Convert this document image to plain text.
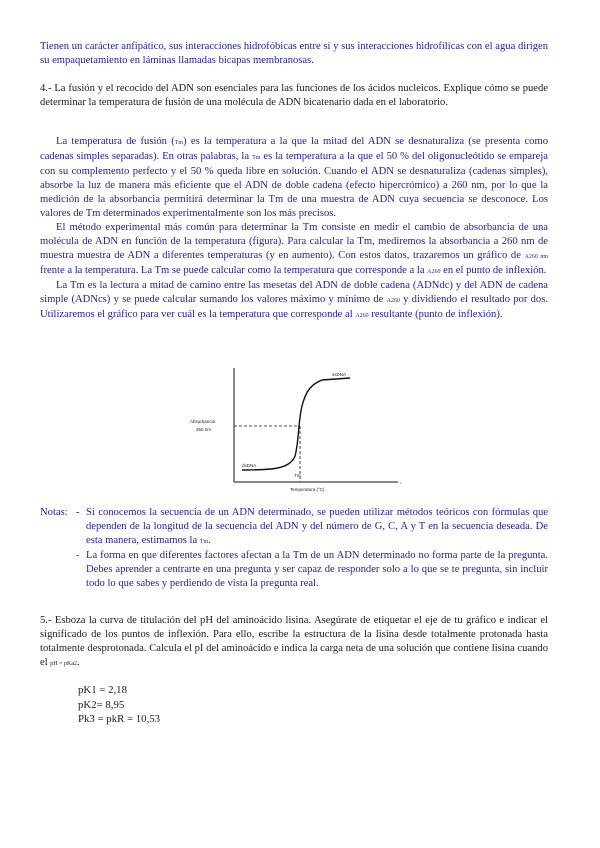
Tienen un carácter anfipático, sus interacciones hidrofóbicas entre sí y sus interacciones hidrofílicas con el agua dirigen su empaquetamiento en láminas llamadas bicapas membranosas.

4.- La fusión y el recocido del ADN son esenciales para las funciones de los ácidos nucleicos. Explique cómo se puede determinar la temperatura de fusión de una molécula de ADN bicatenario dada en el laboratorio.

La temperatura de fusión (Tm) es la temperatura a la que la mitad del ADN se desnaturaliza (se presenta como cadenas simples separadas). En otras palabras, la Tm es la temperatura a la que el 50 % del oligonucleótido se empareja con su complemento perfecto y el 50 % queda libre en solución. Cuando el ADN se desnaturaliza (cadenas simples), absorbe la luz de manera más eficiente que el ADN de doble cadena (efecto hipercrómico) a 260 nm, por lo que la medición de la absorbancia permitirá determinar la Tm de una muestra de ADN cuya secuencia se desconoce. Los valores de Tm determinados experimentalmente son los más precisos.

El método experimental más común para determinar la Tm consiste en medir el cambio de absorbancia de una molécula de ADN en función de la temperatura (figura). Para calcular la Tm, mediremos la absorbancia a 260 nm de muestra muestra de ADN a diferentes temperaturas (y en aumento). Con estos datos, trazaremos un gráfico de A260 nm frente a la temperatura. La Tm se puede calcular como la temperatura que corresponde a la A260 en el punto de inflexión.

La Tm es la lectura a mitad de camino entre las mesetas del ADN de doble cadena (ADNdc) y del ADN de cadena simple (ADNcs) y se puede calcular sumando los valores máximo y mínimo de A260 y dividiendo el resultado por dos. Utilizaremos el gráfico para ver cuál es la temperatura que corresponde al A260 resultante (punto de inflexión).

Absorbancia
260 nm
Temperatura (°C)
ssDNA
dsDNA
Tm
›
Notas: - Si conocemos la secuencia de un ADN determinado, se pueden utilizar métodos teóricos con fórmulas que dependen de la longitud de la secuencia del ADN y del número de G, C, A y T en la secuencia deseada. De esta manera, estimamos la Tm.
- La forma en que diferentes factores afectan a la Tm de un ADN determinado no forma parte de la pregunta. Debes aprender a centrarte en una pregunta y ser capaz de responder solo a lo que se te pregunta, sin incluir todo lo que sabes y perdiendo de vista la pregunta real.

5.- Esboza la curva de titulación del pH del aminoácido lisina. Asegúrate de etiquetar el eje de tu gráfico e indicar el significado de los puntos de inflexión. Para ello, escribe la estructura de la lisina desde totalmente protonada hasta totalmente desprotonada. Calcula el pI del aminoácido e indica la carga neta de una solución que contiene lisina cuando el pH = pKa2.

pK1 = 2,18
pK2= 8,95
Pk3 = pkR = 10,53
